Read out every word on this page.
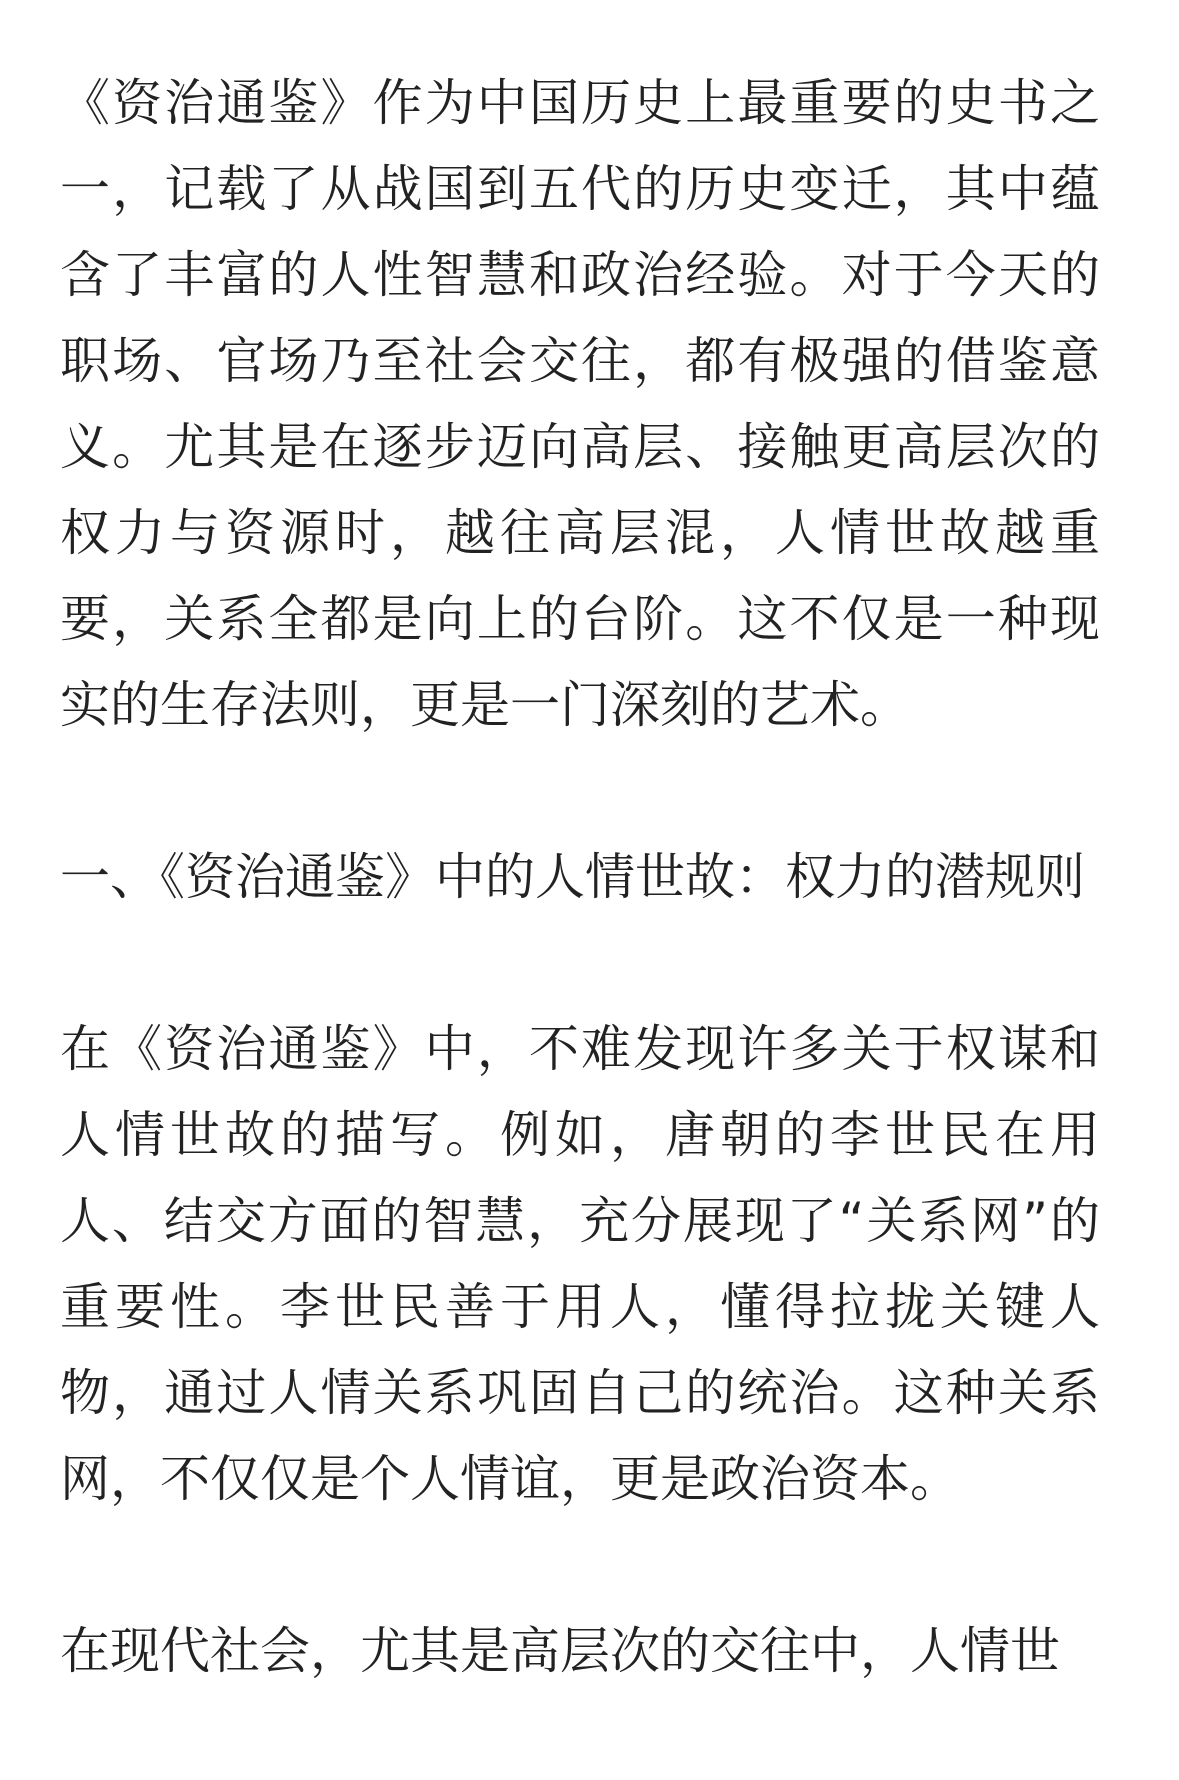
《资治通鉴》作为中国历史上最重要的史书之一，记载了从战国到五代的历史变迁，其中蕴含了丰富的人性智慧和政治经验。对于今天的职场、官场乃至社会交往，都有极强的借鉴意义。尤其是在逐步迈向高层、接触更高层次的权力与资源时，越往高层混，人情世故越重要，关系全都是向上的台阶。这不仅是一种现实的生存法则，更是一门深刻的艺术。

一、《资治通鉴》中的人情世故：权力的潜规则

在《资治通鉴》中，不难发现许多关于权谋和人情世故的描写。例如，唐朝的李世民在用人、结交方面的智慧，充分展现了“关系网”的重要性。李世民善于用人，懂得拉拢关键人物，通过人情关系巩固自己的统治。这种关系网，不仅仅是个人情谊，更是政治资本。

在现代社会，尤其是高层次的交往中，人情世
